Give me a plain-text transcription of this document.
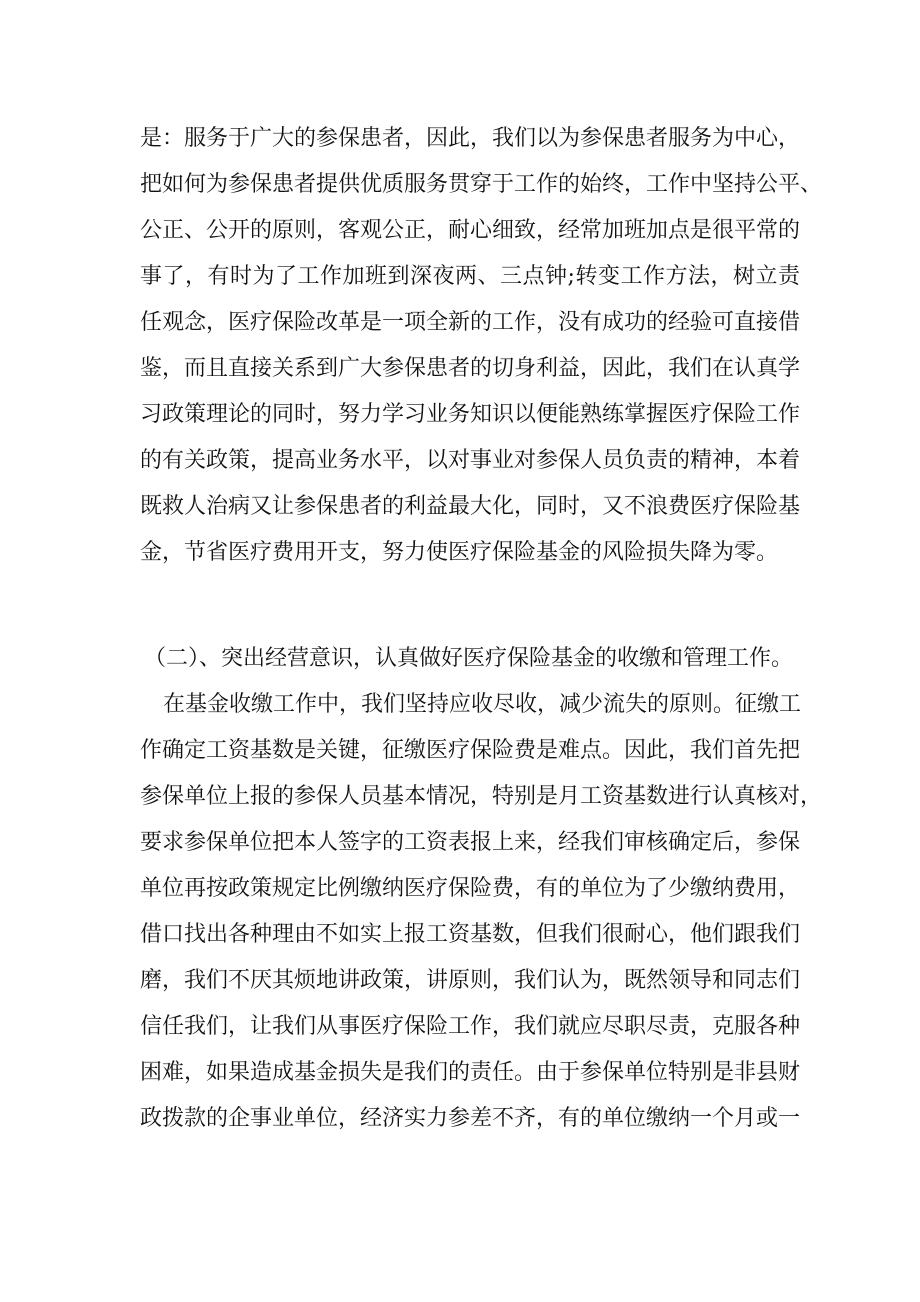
是：服务于广大的参保患者，因此，我们以为参保患者服务为中心，
把如何为参保患者提供优质服务贯穿于工作的始终，工作中坚持公平、
公正、公开的原则，客观公正，耐心细致，经常加班加点是很平常的
事了，有时为了工作加班到深夜两、三点钟;转变工作方法，树立责
任观念，医疗保险改革是一项全新的工作，没有成功的经验可直接借
鉴，而且直接关系到广大参保患者的切身利益，因此，我们在认真学
习政策理论的同时，努力学习业务知识以便能熟练掌握医疗保险工作
的有关政策，提高业务水平，以对事业对参保人员负责的精神，本着
既救人治病又让参保患者的利益最大化，同时，又不浪费医疗保险基
金，节省医疗费用开支，努力使医疗保险基金的风险损失降为零。
（二）、突出经营意识，认真做好医疗保险基金的收缴和管理工作。
在基金收缴工作中，我们坚持应收尽收，减少流失的原则。征缴工
作确定工资基数是关键，征缴医疗保险费是难点。因此，我们首先把
参保单位上报的参保人员基本情况，特别是月工资基数进行认真核对，
要求参保单位把本人签字的工资表报上来，经我们审核确定后，参保
单位再按政策规定比例缴纳医疗保险费，有的单位为了少缴纳费用，
借口找出各种理由不如实上报工资基数，但我们很耐心，他们跟我们
磨，我们不厌其烦地讲政策，讲原则，我们认为，既然领导和同志们
信任我们，让我们从事医疗保险工作，我们就应尽职尽责，克服各种
困难，如果造成基金损失是我们的责任。由于参保单位特别是非县财
政拨款的企事业单位，经济实力参差不齐，有的单位缴纳一个月或一
